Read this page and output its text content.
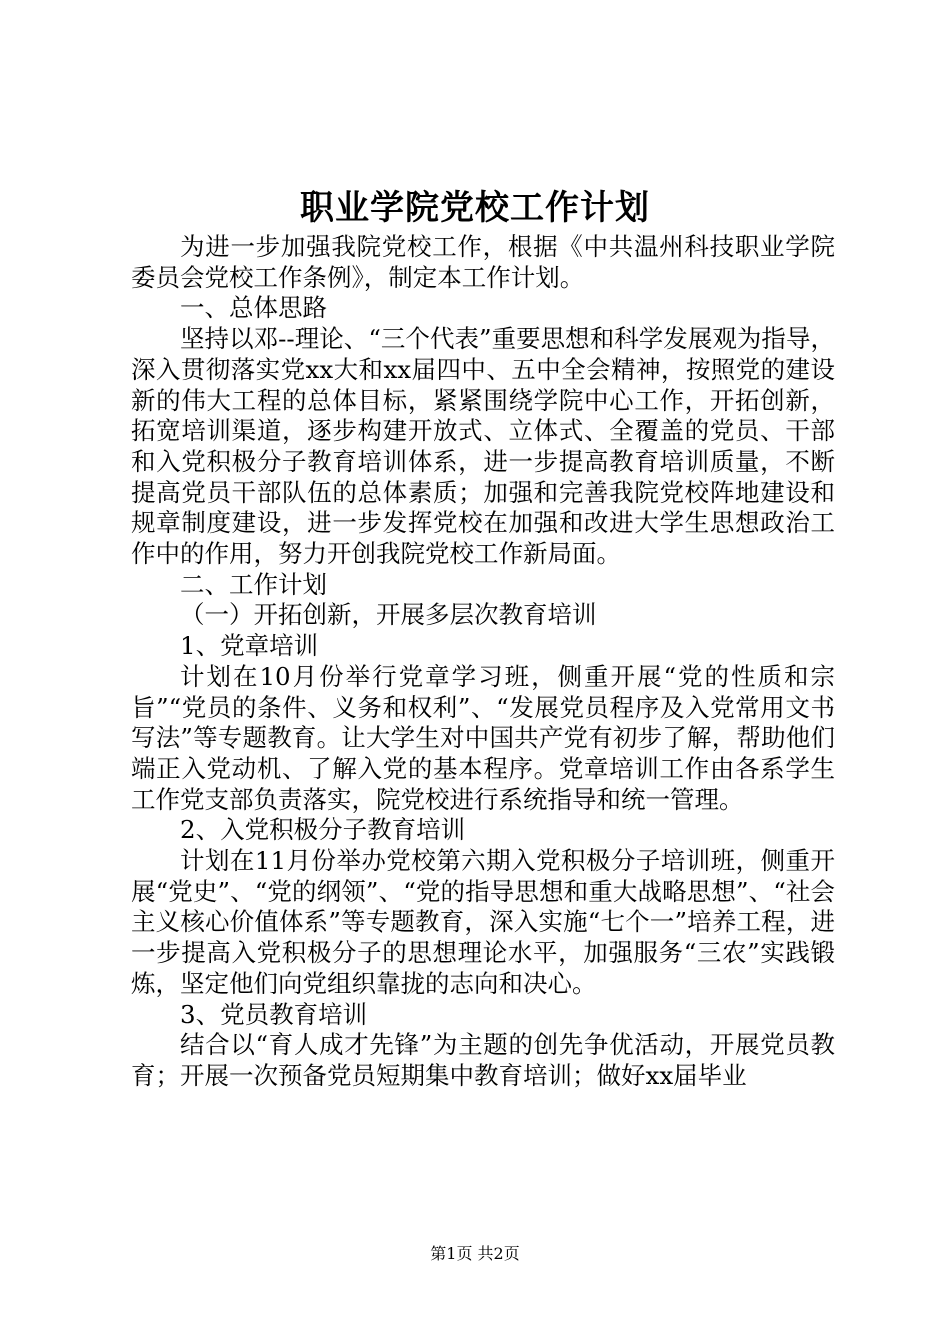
职业学院党校工作计划

为进一步加强我院党校工作，根据《中共温州科技职业学院委员会党校工作条例》，制定本工作计划。

一、总体思路

坚持以邓--理论、“三个代表”重要思想和科学发展观为指导，深入贯彻落实党xx大和xx届四中、五中全会精神，按照党的建设新的伟大工程的总体目标，紧紧围绕学院中心工作，开拓创新，拓宽培训渠道，逐步构建开放式、立体式、全覆盖的党员、干部和入党积极分子教育培训体系，进一步提高教育培训质量，不断提高党员干部队伍的总体素质；加强和完善我院党校阵地建设和规章制度建设，进一步发挥党校在加强和改进大学生思想政治工作中的作用，努力开创我院党校工作新局面。

二、工作计划

（一）开拓创新，开展多层次教育培训

1、党章培训

计划在10月份举行党章学习班，侧重开展“党的性质和宗旨”“党员的条件、义务和权利”、“发展党员程序及入党常用文书写法”等专题教育。让大学生对中国共产党有初步了解，帮助他们端正入党动机、了解入党的基本程序。党章培训工作由各系学生工作党支部负责落实，院党校进行系统指导和统一管理。

2、入党积极分子教育培训

计划在11月份举办党校第六期入党积极分子培训班，侧重开展“党史”、“党的纲领”、“党的指导思想和重大战略思想”、“社会主义核心价值体系”等专题教育，深入实施“七个一”培养工程，进一步提高入党积极分子的思想理论水平，加强服务“三农”实践锻炼，坚定他们向党组织靠拢的志向和决心。

3、党员教育培训

结合以“育人成才先锋”为主题的创先争优活动，开展党员教育；开展一次预备党员短期集中教育培训；做好xx届毕业

第1页 共2页
